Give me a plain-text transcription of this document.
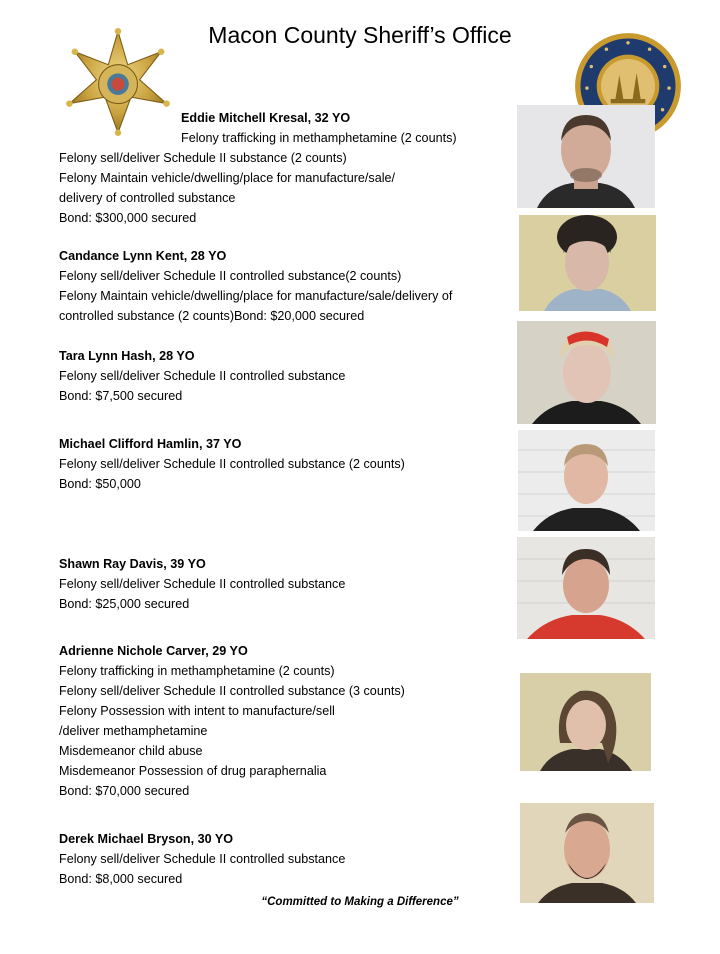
Macon County Sheriff’s Office
Eddie Mitchell Kresal, 32 YO
Felony trafficking in methamphetamine (2 counts)
Felony sell/deliver Schedule II substance (2 counts)
Felony Maintain vehicle/dwelling/place for manufacture/sale/
delivery of controlled substance
Bond: $300,000 secured
Candance Lynn Kent, 28 YO
Felony sell/deliver Schedule II controlled substance(2 counts)
Felony Maintain vehicle/dwelling/place for manufacture/sale/delivery of
controlled substance (2 counts)Bond: $20,000 secured
Tara Lynn Hash, 28 YO
Felony sell/deliver Schedule II controlled substance
Bond: $7,500 secured
Michael Clifford Hamlin, 37 YO
Felony sell/deliver Schedule II controlled substance (2 counts)
Bond: $50,000
Shawn Ray Davis, 39 YO
Felony sell/deliver Schedule II controlled substance
Bond: $25,000 secured
Adrienne Nichole Carver, 29 YO
Felony trafficking in methamphetamine (2 counts)
Felony sell/deliver Schedule II controlled substance (3 counts)
Felony Possession with intent to manufacture/sell
/deliver methamphetamine
Misdemeanor child abuse
Misdemeanor Possession of drug paraphernalia
Bond: $70,000 secured
Derek Michael Bryson, 30 YO
Felony sell/deliver Schedule II controlled substance
Bond: $8,000 secured
“Committed to Making a Difference”
